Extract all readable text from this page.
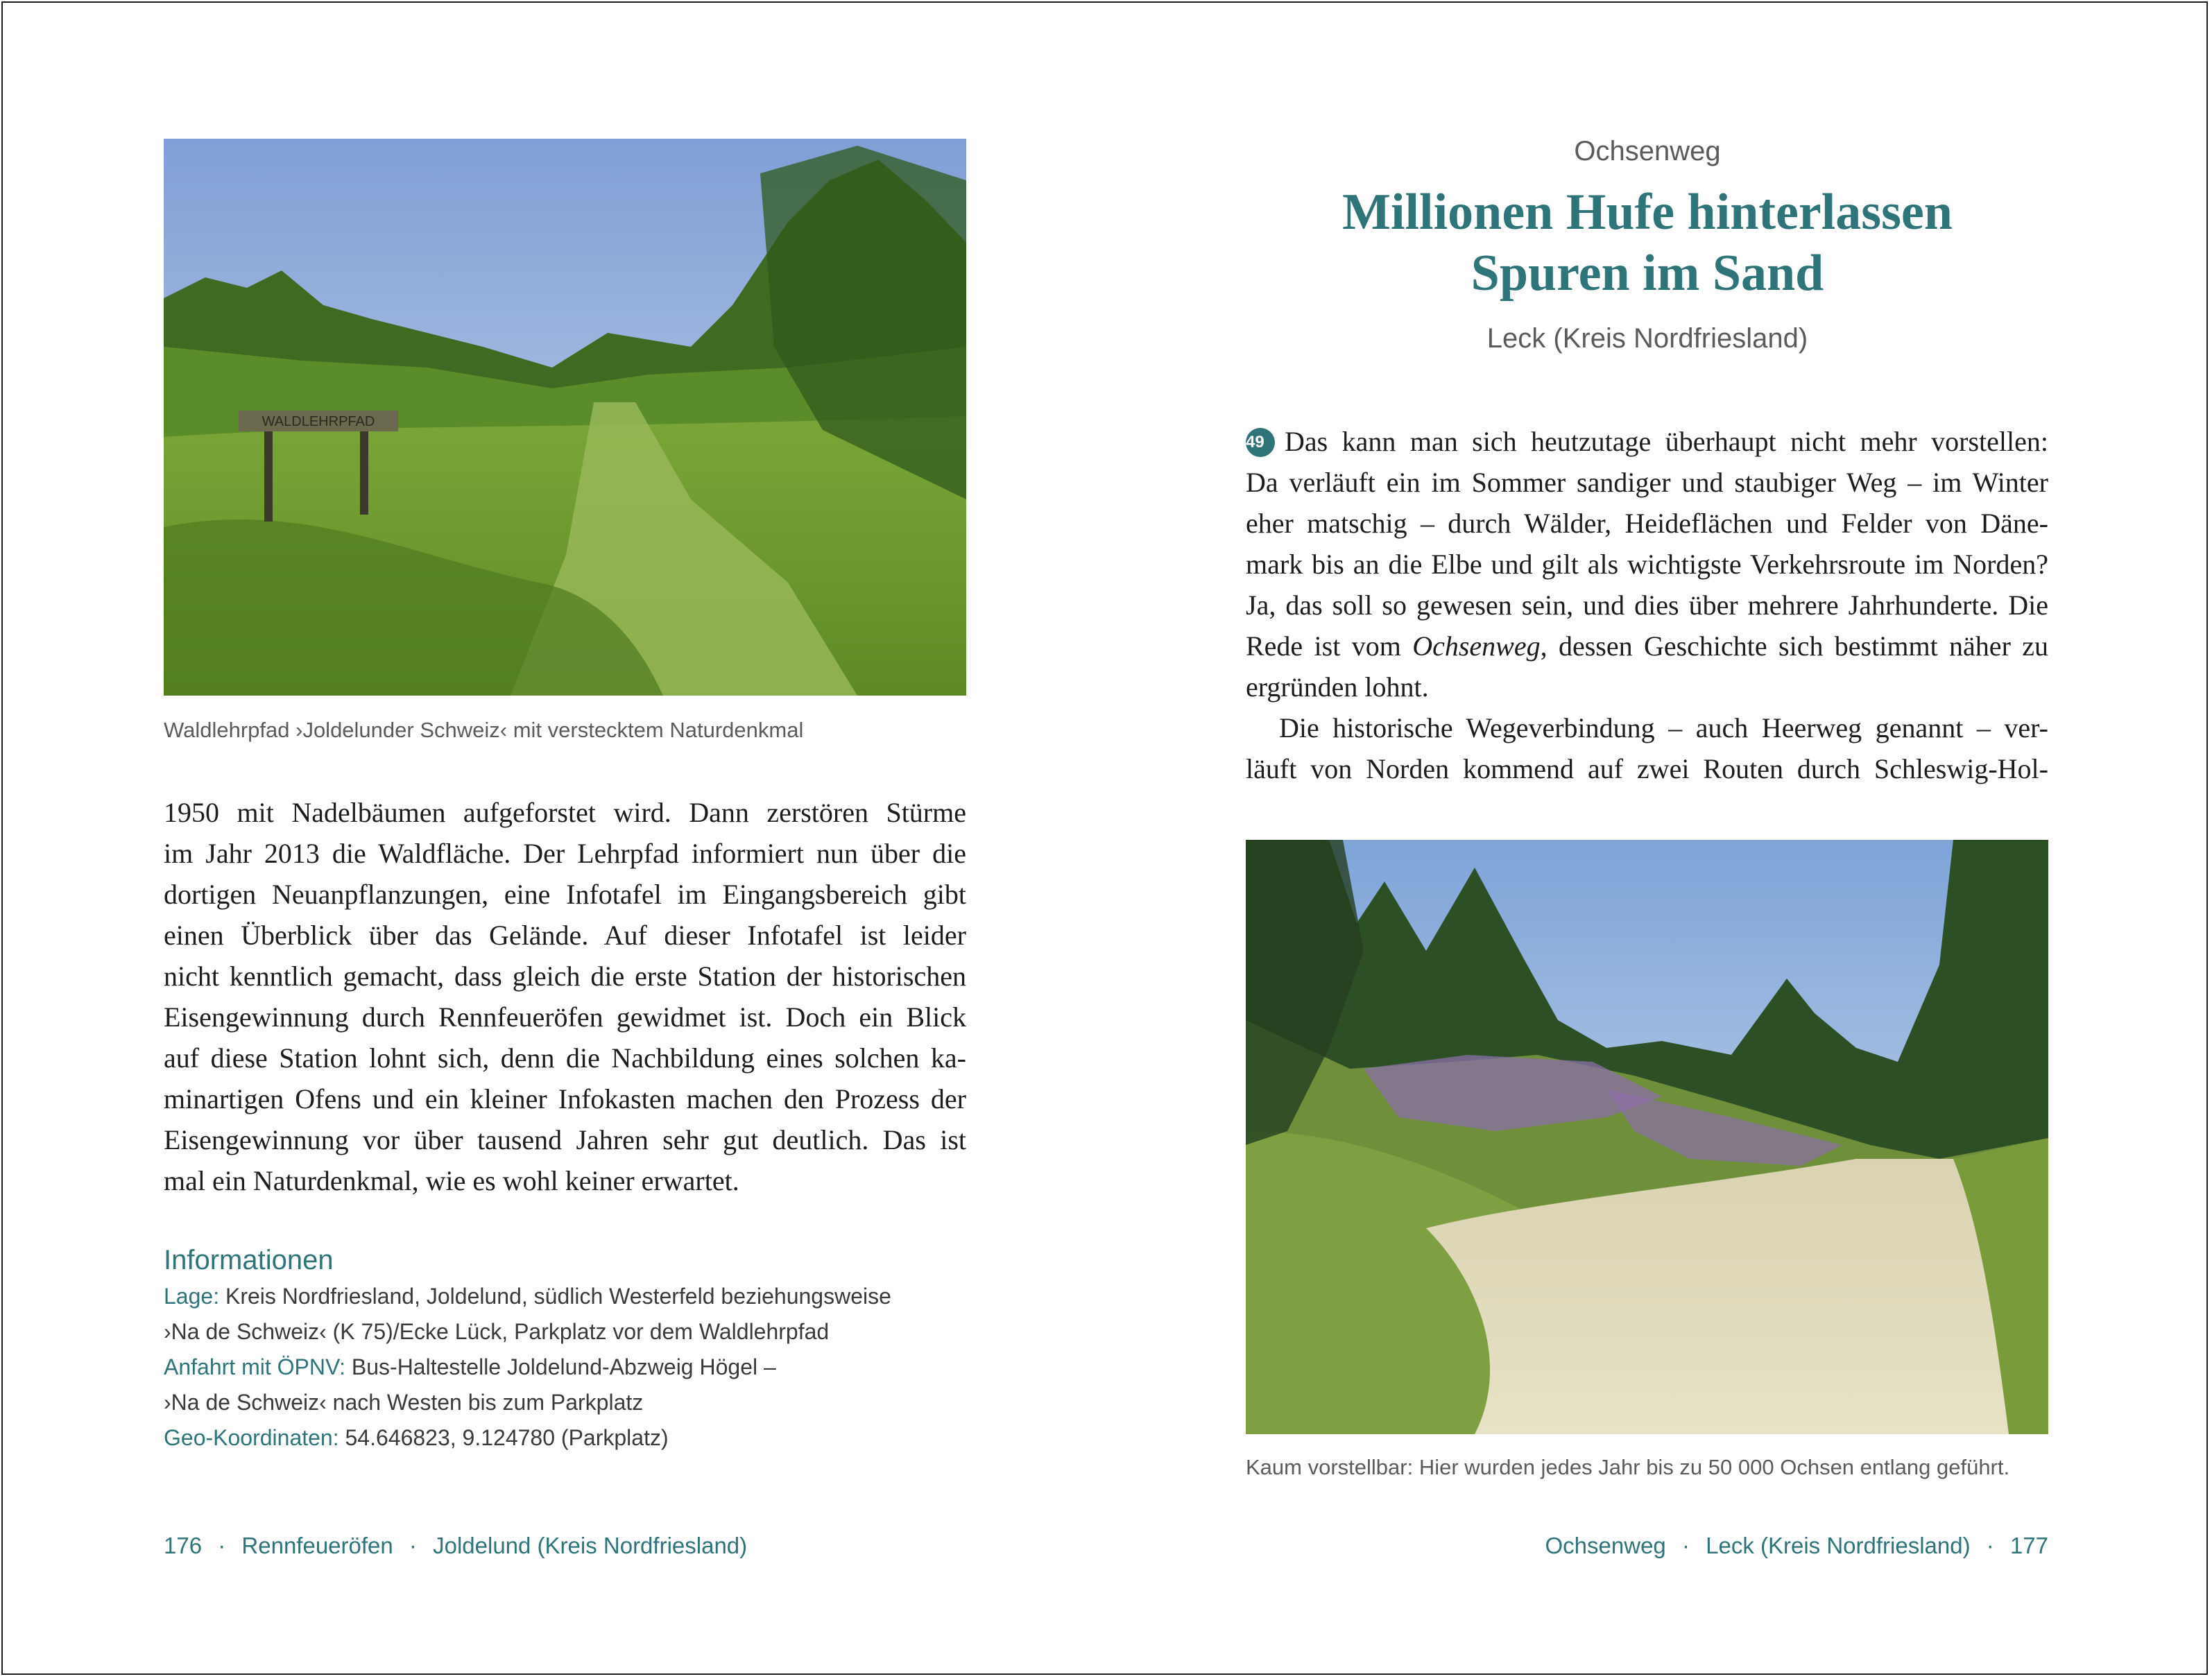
WALDLEHRPFAD
Waldlehrpfad ›Joldelunder Schweiz‹ mit verstecktem Naturdenkmal
1950 mit Nadelbäumen aufgeforstet wird. Dann zerstören Stürme
im Jahr 2013 die Waldfläche. Der Lehrpfad informiert nun über die
dortigen Neuanpflanzungen, eine Infotafel im Eingangsbereich gibt
einen Überblick über das Gelände. Auf dieser Infotafel ist leider
nicht kenntlich gemacht, dass gleich die erste Station der historischen
Eisengewinnung durch Rennfeueröfen gewidmet ist. Doch ein Blick
auf diese Station lohnt sich, denn die Nachbildung eines solchen ka-
minartigen Ofens und ein kleiner Infokasten machen den Prozess der
Eisengewinnung vor über tausend Jahren sehr gut deutlich. Das ist
mal ein Naturdenkmal, wie es wohl keiner erwartet.
Informationen
Lage: Kreis Nordfriesland, Joldelund, südlich Westerfeld beziehungsweise
›Na de Schweiz‹ (K 75)/Ecke Lück, Parkplatz vor dem Waldlehrpfad
Anfahrt mit ÖPNV: Bus-Haltestelle Joldelund-Abzweig Högel –
›Na de Schweiz‹ nach Westen bis zum Parkplatz
Geo-Koordinaten: 54.646823, 9.124780 (Parkplatz)
176 · Rennfeueröfen · Joldelund (Kreis Nordfriesland)
Ochsenweg
Millionen Hufe hinterlassen
Spuren im Sand
Leck (Kreis Nordfriesland)
49 Das kann man sich heutzutage überhaupt nicht mehr vorstellen:
Da verläuft ein im Sommer sandiger und staubiger Weg – im Winter
eher matschig – durch Wälder, Heideflächen und Felder von Däne-
mark bis an die Elbe und gilt als wichtigste Verkehrsroute im Norden?
Ja, das soll so gewesen sein, und dies über mehrere Jahrhunderte. Die
Rede ist vom Ochsenweg, dessen Geschichte sich bestimmt näher zu
ergründen lohnt.
Die historische Wegeverbindung – auch Heerweg genannt – ver-
läuft von Norden kommend auf zwei Routen durch Schleswig-Hol-
Kaum vorstellbar: Hier wurden jedes Jahr bis zu 50 000 Ochsen entlang geführt.
Ochsenweg · Leck (Kreis Nordfriesland) · 177
